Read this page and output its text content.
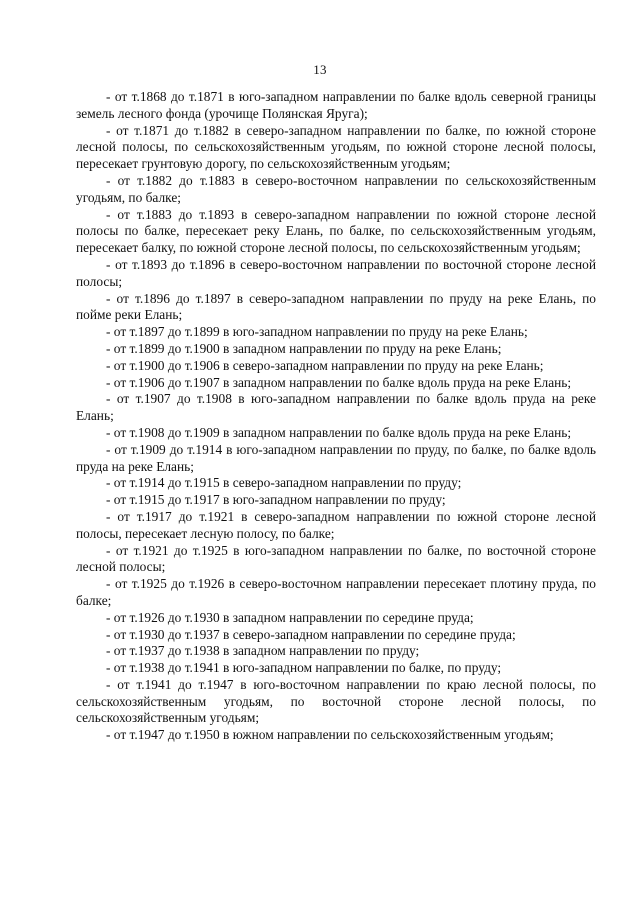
13

- от т.1868 до т.1871 в юго-западном направлении по балке вдоль северной границы земель лесного фонда (урочище Полянская Яруга);

- от т.1871 до т.1882 в северо-западном направлении по балке, по южной стороне лесной полосы, по сельскохозяйственным угодьям, по южной стороне лесной полосы, пересекает грунтовую дорогу, по сельскохозяйственным угодьям;

- от т.1882 до т.1883 в северо-восточном направлении по сельскохозяйственным угодьям, по балке;

- от т.1883 до т.1893 в северо-западном направлении по южной стороне лесной полосы по балке, пересекает реку Елань, по балке, по сельскохозяйственным угодьям, пересекает балку, по южной стороне лесной полосы, по сельскохозяйственным угодьям;

- от т.1893 до т.1896 в северо-восточном направлении по восточной стороне лесной полосы;

- от т.1896 до т.1897 в северо-западном направлении по пруду на реке Елань, по пойме реки Елань;

- от т.1897 до т.1899 в юго-западном направлении по пруду на реке Елань;

- от т.1899 до т.1900 в западном направлении по пруду на реке Елань;

- от т.1900 до т.1906 в северо-западном направлении по пруду на реке Елань;

- от т.1906 до т.1907 в западном направлении по балке вдоль пруда на реке Елань;

- от т.1907 до т.1908 в юго-западном направлении по балке вдоль пруда на реке Елань;

- от т.1908 до т.1909 в западном направлении по балке вдоль пруда на реке Елань;

- от т.1909 до т.1914 в юго-западном направлении по пруду, по балке, по балке вдоль пруда на реке Елань;

- от т.1914 до т.1915 в северо-западном направлении по пруду;

- от т.1915 до т.1917 в юго-западном направлении по пруду;

- от т.1917 до т.1921 в северо-западном направлении по южной стороне лесной полосы, пересекает лесную полосу, по балке;

- от т.1921 до т.1925 в юго-западном направлении по балке, по восточной стороне лесной полосы;

- от т.1925 до т.1926 в северо-восточном направлении пересекает плотину пруда, по балке;

- от т.1926 до т.1930 в западном направлении по середине пруда;

- от т.1930 до т.1937 в северо-западном направлении по середине пруда;

- от т.1937 до т.1938 в западном направлении по пруду;

- от т.1938 до т.1941 в юго-западном направлении по балке, по пруду;

- от т.1941 до т.1947 в юго-восточном направлении по краю лесной полосы, по сельскохозяйственным угодьям, по восточной стороне лесной полосы, по сельскохозяйственным угодьям;

- от т.1947 до т.1950 в южном направлении по сельскохозяйственным угодьям;
